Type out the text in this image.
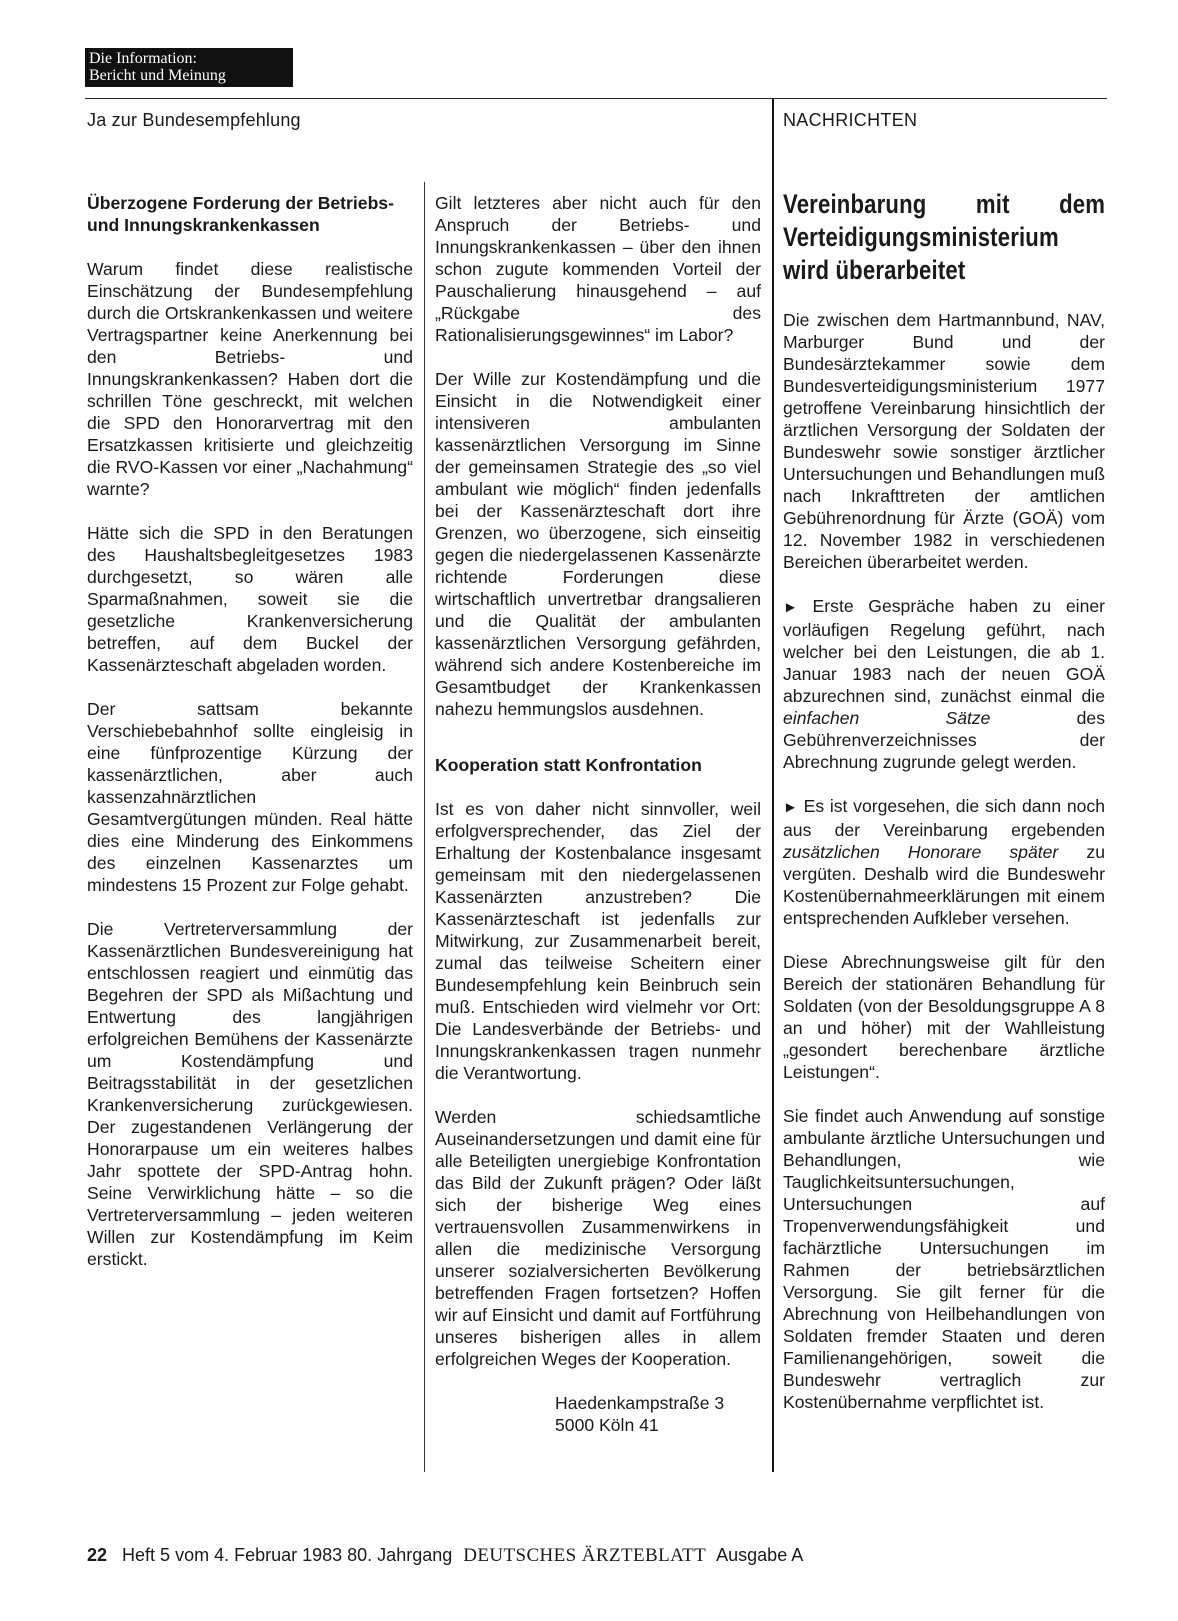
Die Information:
Bericht und Meinung
Ja zur Bundesempfehlung	NACHRICHTEN
Überzogene Forderung der Betriebs- und Innungskrankenkassen

Warum findet diese realistische Einschätzung der Bundesempfehlung durch die Ortskrankenkassen und weitere Vertragspartner keine Anerkennung bei den Betriebs- und Innungskrankenkassen? Haben dort die schrillen Töne geschreckt, mit welchen die SPD den Honorarvertrag mit den Ersatzkassen kritisierte und gleichzeitig die RVO-Kassen vor einer „Nachahmung“ warnte?

Hätte sich die SPD in den Beratungen des Haushaltsbegleitgesetzes 1983 durchgesetzt, so wären alle Sparmaßnahmen, soweit sie die gesetzliche Krankenversicherung betreffen, auf dem Buckel der Kassenärzteschaft abgeladen worden.

Der sattsam bekannte Verschiebebahnhof sollte eingleisig in eine fünfprozentige Kürzung der kassenärztlichen, aber auch kassenzahnärztlichen Gesamtvergütungen münden. Real hätte dies eine Minderung des Einkommens des einzelnen Kassenarztes um mindestens 15 Prozent zur Folge gehabt.

Die Vertreterversammlung der Kassenärztlichen Bundesvereinigung hat entschlossen reagiert und einmütig das Begehren der SPD als Mißachtung und Entwertung des langjährigen erfolgreichen Bemühens der Kassenärzte um Kostendämpfung und Beitragsstabilität in der gesetzlichen Krankenversicherung zurückgewiesen. Der zugestandenen Verlängerung der Honorarpause um ein weiteres halbes Jahr spottete der SPD-Antrag hohn. Seine Verwirklichung hätte – so die Vertreterversammlung – jeden weiteren Willen zur Kostendämpfung im Keim erstickt.

Gilt letzteres aber nicht auch für den Anspruch der Betriebs- und Innungskrankenkassen – über den ihnen schon zugute kommenden Vorteil der Pauschalierung hinausgehend – auf „Rückgabe des Rationalisierungsgewinnes“ im Labor?

Der Wille zur Kostendämpfung und die Einsicht in die Notwendigkeit einer intensiveren ambulanten kassenärztlichen Versorgung im Sinne der gemeinsamen Strategie des „so viel ambulant wie möglich“ finden jedenfalls bei der Kassenärzteschaft dort ihre Grenzen, wo überzogene, sich einseitig gegen die niedergelassenen Kassenärzte richtende Forderungen diese wirtschaftlich unvertretbar drangsalieren und die Qualität der ambulanten kassenärztlichen Versorgung gefährden, während sich andere Kostenbereiche im Gesamtbudget der Krankenkassen nahezu hemmungslos ausdehnen.

Kooperation statt Konfrontation

Ist es von daher nicht sinnvoller, weil erfolgversprechender, das Ziel der Erhaltung der Kostenbalance insgesamt gemeinsam mit den niedergelassenen Kassenärzten anzustreben? Die Kassenärzteschaft ist jedenfalls zur Mitwirkung, zur Zusammenarbeit bereit, zumal das teilweise Scheitern einer Bundesempfehlung kein Beinbruch sein muß. Entschieden wird vielmehr vor Ort: Die Landesverbände der Betriebs- und Innungskrankenkassen tragen nunmehr die Verantwortung.

Werden schiedsamtliche Auseinandersetzungen und damit eine für alle Beteiligten unergiebige Konfrontation das Bild der Zukunft prägen? Oder läßt sich der bisherige Weg eines vertrauensvollen Zusammenwirkens in allen die medizinische Versorgung unserer sozialversicherten Bevölkerung betreffenden Fragen fortsetzen? Hoffen wir auf Einsicht und damit auf Fortführung unseres bisherigen alles in allem erfolgreichen Weges der Kooperation.

Haedenkampstraße 3
5000 Köln 41
Vereinbarung mit dem Verteidigungsministerium wird überarbeitet

Die zwischen dem Hartmannbund, NAV, Marburger Bund und der Bundesärztekammer sowie dem Bundesverteidigungsministerium 1977 getroffene Vereinbarung hinsichtlich der ärztlichen Versorgung der Soldaten der Bundeswehr sowie sonstiger ärztlicher Untersuchungen und Behandlungen muß nach Inkrafttreten der amtlichen Gebührenordnung für Ärzte (GOÄ) vom 12. November 1982 in verschiedenen Bereichen überarbeitet werden.

► Erste Gespräche haben zu einer vorläufigen Regelung geführt, nach welcher bei den Leistungen, die ab 1. Januar 1983 nach der neuen GOÄ abzurechnen sind, zunächst einmal die einfachen Sätze des Gebührenverzeichnisses der Abrechnung zugrunde gelegt werden.

► Es ist vorgesehen, die sich dann noch aus der Vereinbarung ergebenden zusätzlichen Honorare später zu vergüten. Deshalb wird die Bundeswehr Kostenübernahmeerklärungen mit einem entsprechenden Aufkleber versehen.

Diese Abrechnungsweise gilt für den Bereich der stationären Behandlung für Soldaten (von der Besoldungsgruppe A 8 an und höher) mit der Wahlleistung „gesondert berechenbare ärztliche Leistungen“.

Sie findet auch Anwendung auf sonstige ambulante ärztliche Untersuchungen und Behandlungen, wie Tauglichkeitsuntersuchungen, Untersuchungen auf Tropenverwendungsfähigkeit und fachärztliche Untersuchungen im Rahmen der betriebsärztlichen Versorgung. Sie gilt ferner für die Abrechnung von Heilbehandlungen von Soldaten fremder Staaten und deren Familienangehörigen, soweit die Bundeswehr vertraglich zur Kostenübernahme verpflichtet ist.

22 Heft 5 vom 4. Februar 1983 80. Jahrgang DEUTSCHES ÄRZTEBLATT Ausgabe A
